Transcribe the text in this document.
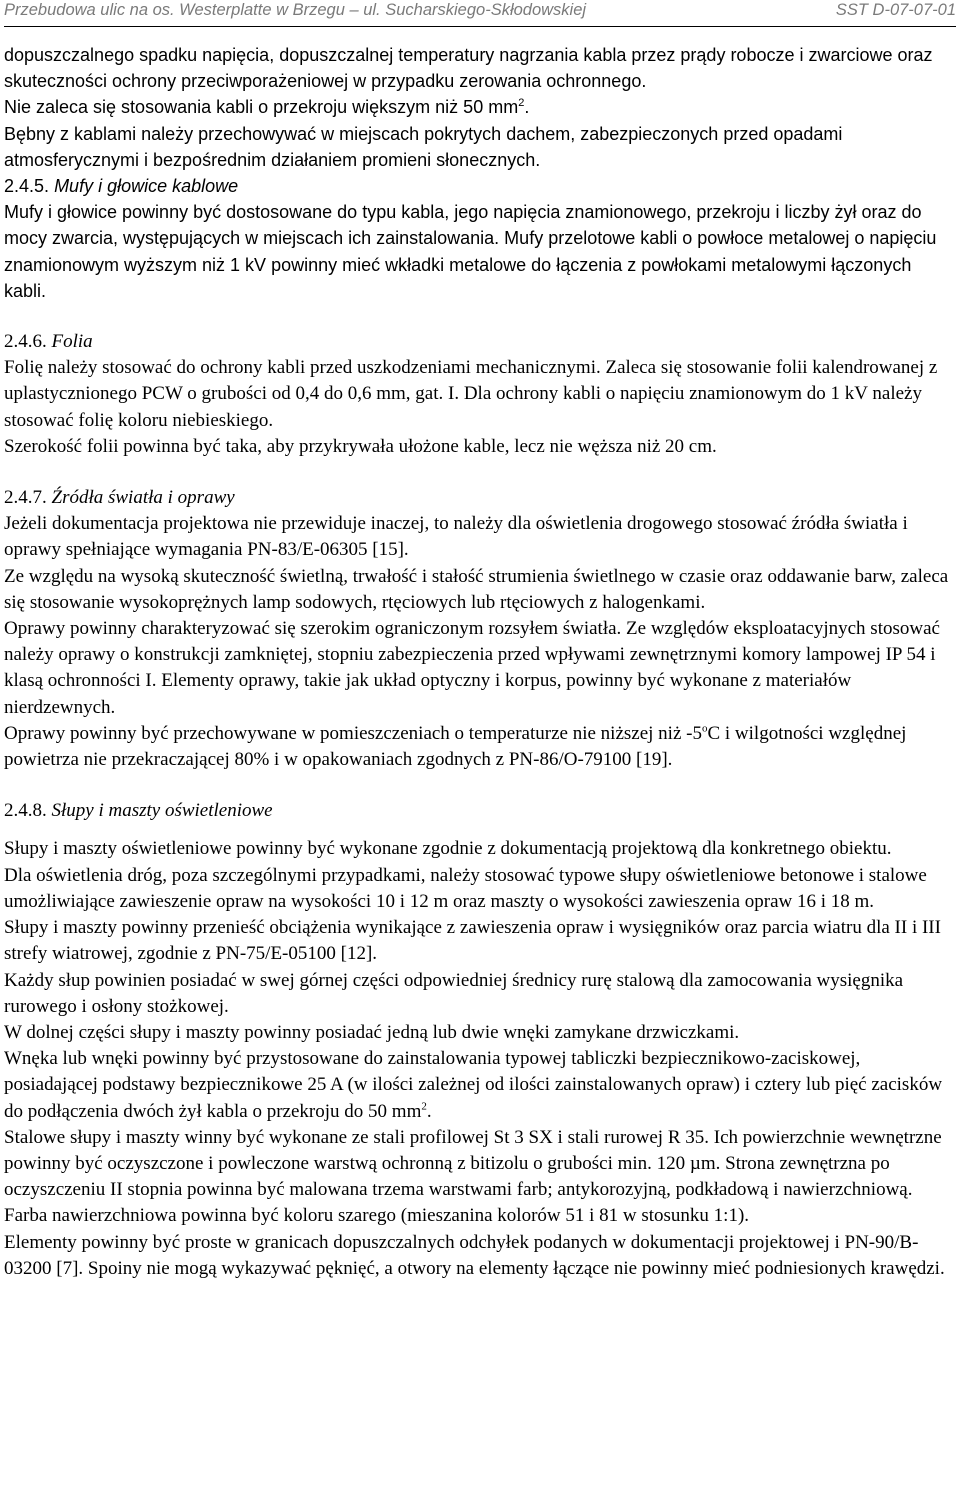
Przebudowa ulic na os. Westerplatte w Brzegu – ul. Sucharskiego-Skłodowskiej	SST D-07-07-01

dopuszczalnego spadku napięcia, dopuszczalnej temperatury nagrzania kabla przez prądy robocze i zwarciowe oraz skuteczności ochrony przeciwporażeniowej w przypadku zerowania ochronnego.

Nie zaleca się stosowania kabli o przekroju większym niż 50 $mm^2$.

Bębny z kablami należy przechowywać w miejscach pokrytych dachem, zabezpieczonych przed opadami atmosferycznymi i bezpośrednim działaniem promieni słonecznych.

2.4.5. Mufy i głowice kablowe

Mufy i głowice powinny być dostosowane do typu kabla, jego napięcia znamionowego, przekroju i liczby żył oraz do mocy zwarcia, występujących w miejscach ich zainstalowania. Mufy przelotowe kabli o powłoce metalowej o napięciu znamionowym wyższym niż 1 kV powinny mieć wkładki metalowe do łączenia z powłokami metalowymi łączonych kabli.

2.4.6. Folia

Folię należy stosować do ochrony kabli przed uszkodzeniami mechanicznymi. Zaleca się stosowanie folii kalendrowanej z uplastycznionego PCW o grubości od 0,4 do 0,6 mm, gat. I. Dla ochrony kabli o napięciu znamionowym do 1 kV należy stosować folię koloru niebieskiego.

Szerokość folii powinna być taka, aby przykrywała ułożone kable, lecz nie węższa niż 20 cm.

2.4.7. Źródła światła i oprawy

Jeżeli dokumentacja projektowa nie przewiduje inaczej, to należy dla oświetlenia drogowego stosować źródła światła i oprawy spełniające wymagania PN-83/E-06305 [15].

Ze względu na wysoką skuteczność świetlną, trwałość i stałość strumienia świetlnego w czasie oraz oddawanie barw, zaleca się stosowanie wysokoprężnych lamp sodowych, rtęciowych lub rtęciowych z halogenkami.

Oprawy powinny charakteryzować się szerokim ograniczonym rozsyłem światła. Ze względów eksploatacyjnych stosować należy oprawy o konstrukcji zamkniętej, stopniu zabezpieczenia przed wpływami zewnętrznymi komory lampowej IP 54 i klasą ochronności I. Elementy oprawy, takie jak układ optyczny i korpus, powinny być wykonane z materiałów nierdzewnych.

Oprawy powinny być przechowywane w pomieszczeniach o temperaturze nie niższej niż -5$^o$C i wilgotności względnej powietrza nie przekraczającej 80% i w opakowaniach zgodnych z PN-86/O-79100 [19].

2.4.8. Słupy i maszty oświetleniowe

Słupy i maszty oświetleniowe powinny być wykonane zgodnie z dokumentacją projektową dla konkretnego obiektu.

Dla oświetlenia dróg, poza szczególnymi przypadkami, należy stosować typowe słupy oświetleniowe betonowe i stalowe umożliwiające zawieszenie opraw na wysokości 10 i 12 m oraz maszty o wysokości zawieszenia opraw 16 i 18 m.

Słupy i maszty powinny przenieść obciążenia wynikające z zawieszenia opraw i wysięgników oraz parcia wiatru dla II i III strefy wiatrowej, zgodnie z PN-75/E-05100 [12].

Każdy słup powinien posiadać w swej górnej części odpowiedniej średnicy rurę stalową dla zamocowania wysięgnika rurowego i osłony stożkowej.

W dolnej części słupy i maszty powinny posiadać jedną lub dwie wnęki zamykane drzwiczkami.

Wnęka lub wnęki powinny być przystosowane do zainstalowania typowej tabliczki bezpiecznikowo-zaciskowej, posiadającej podstawy bezpiecznikowe 25 A (w ilości zależnej od ilości zainstalowanych opraw) i cztery lub pięć zacisków do podłączenia dwóch żył kabla o przekroju do 50 $mm^2$.

Stalowe słupy i maszty winny być wykonane ze stali profilowej St 3 SX i stali rurowej R 35. Ich powierzchnie wewnętrzne powinny być oczyszczone i powleczone warstwą ochronną z bitizolu o grubości min. 120 µm. Strona zewnętrzna po oczyszczeniu II stopnia powinna być malowana trzema warstwami farb; antykorozyjną, podkładową i nawierzchniową. Farba nawierzchniowa powinna być koloru szarego (mieszanina kolorów 51 i 81 w stosunku 1:1).

Elementy powinny być proste w granicach dopuszczalnych odchyłek podanych w dokumentacji projektowej i PN-90/B-03200 [7]. Spoiny nie mogą wykazywać pęknięć, a otwory na elementy łączące nie powinny mieć podniesionych krawędzi.
